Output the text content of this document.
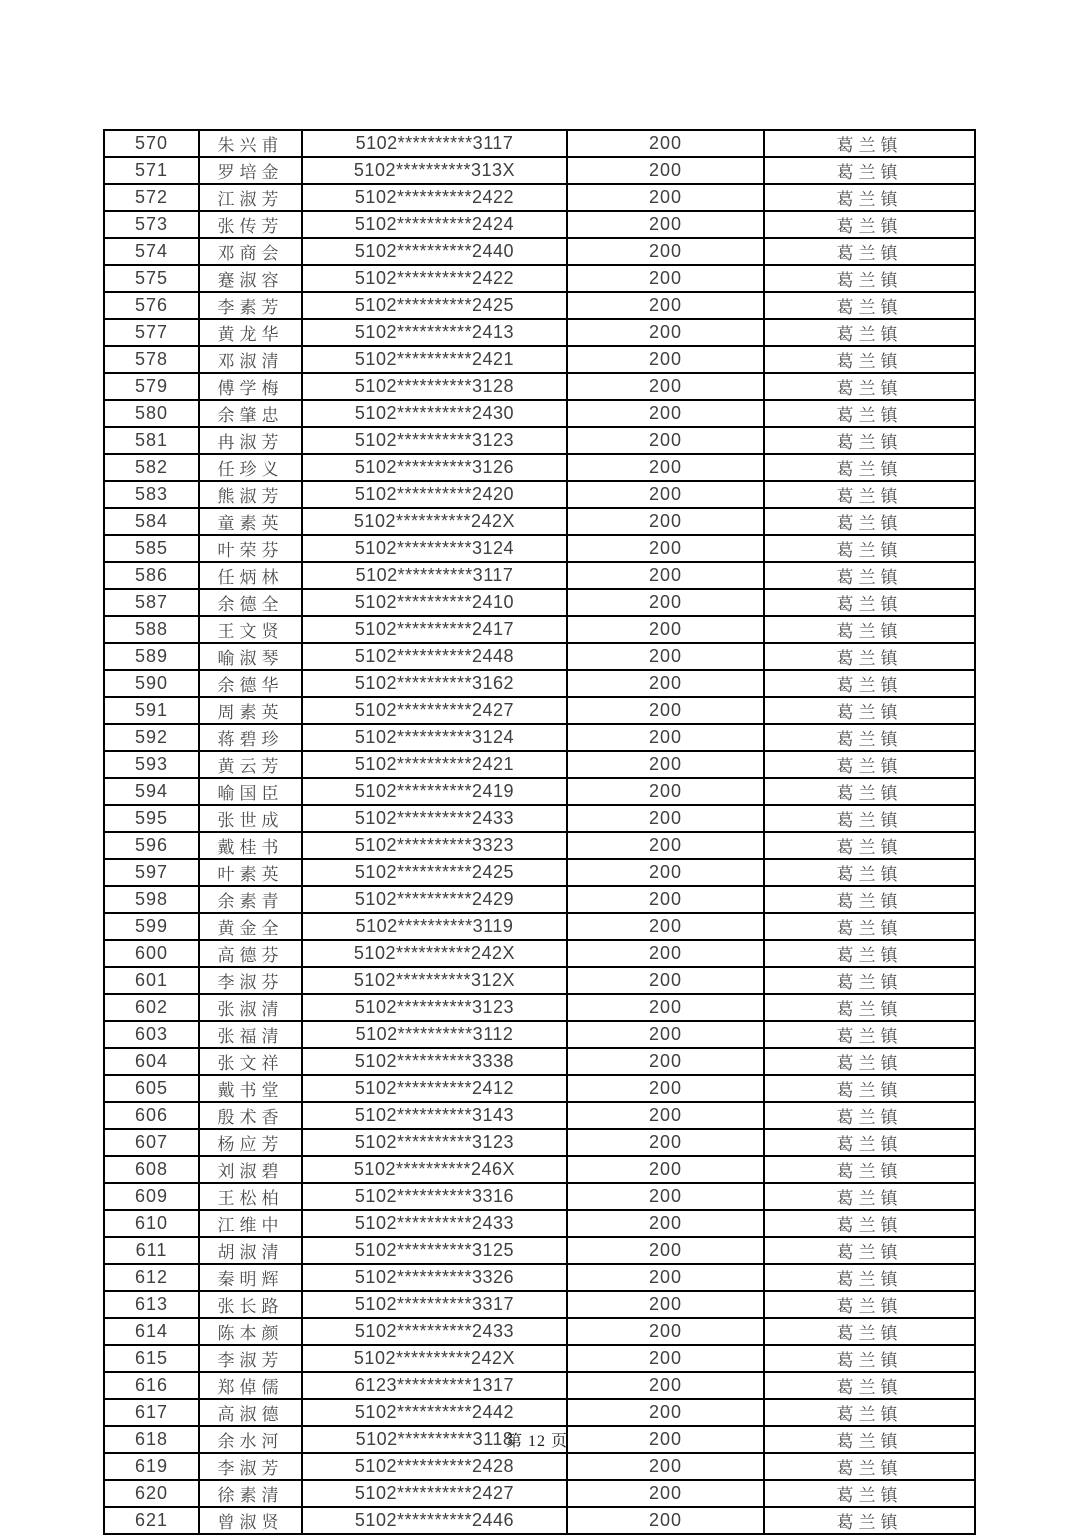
570	朱兴甫	5102**********3117	200	葛兰镇
571	罗培金	5102**********313X	200	葛兰镇
572	江淑芳	5102**********2422	200	葛兰镇
573	张传芳	5102**********2424	200	葛兰镇
574	邓商会	5102**********2440	200	葛兰镇
575	蹇淑容	5102**********2422	200	葛兰镇
576	李素芳	5102**********2425	200	葛兰镇
577	黄龙华	5102**********2413	200	葛兰镇
578	邓淑清	5102**********2421	200	葛兰镇
579	傅学梅	5102**********3128	200	葛兰镇
580	余肇忠	5102**********2430	200	葛兰镇
581	冉淑芳	5102**********3123	200	葛兰镇
582	任珍义	5102**********3126	200	葛兰镇
583	熊淑芳	5102**********2420	200	葛兰镇
584	童素英	5102**********242X	200	葛兰镇
585	叶荣芬	5102**********3124	200	葛兰镇
586	任炳林	5102**********3117	200	葛兰镇
587	余德全	5102**********2410	200	葛兰镇
588	王文贤	5102**********2417	200	葛兰镇
589	喻淑琴	5102**********2448	200	葛兰镇
590	余德华	5102**********3162	200	葛兰镇
591	周素英	5102**********2427	200	葛兰镇
592	蒋碧珍	5102**********3124	200	葛兰镇
593	黄云芳	5102**********2421	200	葛兰镇
594	喻国臣	5102**********2419	200	葛兰镇
595	张世成	5102**********2433	200	葛兰镇
596	戴桂书	5102**********3323	200	葛兰镇
597	叶素英	5102**********2425	200	葛兰镇
598	余素青	5102**********2429	200	葛兰镇
599	黄金全	5102**********3119	200	葛兰镇
600	高德芬	5102**********242X	200	葛兰镇
601	李淑芬	5102**********312X	200	葛兰镇
602	张淑清	5102**********3123	200	葛兰镇
603	张福清	5102**********3112	200	葛兰镇
604	张文祥	5102**********3338	200	葛兰镇
605	戴书堂	5102**********2412	200	葛兰镇
606	殷术香	5102**********3143	200	葛兰镇
607	杨应芳	5102**********3123	200	葛兰镇
608	刘淑碧	5102**********246X	200	葛兰镇
609	王松柏	5102**********3316	200	葛兰镇
610	江维中	5102**********2433	200	葛兰镇
611	胡淑清	5102**********3125	200	葛兰镇
612	秦明辉	5102**********3326	200	葛兰镇
613	张长路	5102**********3317	200	葛兰镇
614	陈本颜	5102**********2433	200	葛兰镇
615	李淑芳	5102**********242X	200	葛兰镇
616	郑倬儒	6123**********1317	200	葛兰镇
617	高淑德	5102**********2442	200	葛兰镇
618	余水河	5102**********3118	200	葛兰镇
619	李淑芳	5102**********2428	200	葛兰镇
620	徐素清	5102**********2427	200	葛兰镇
621	曾淑贤	5102**********2446	200	葛兰镇
第 12 页
